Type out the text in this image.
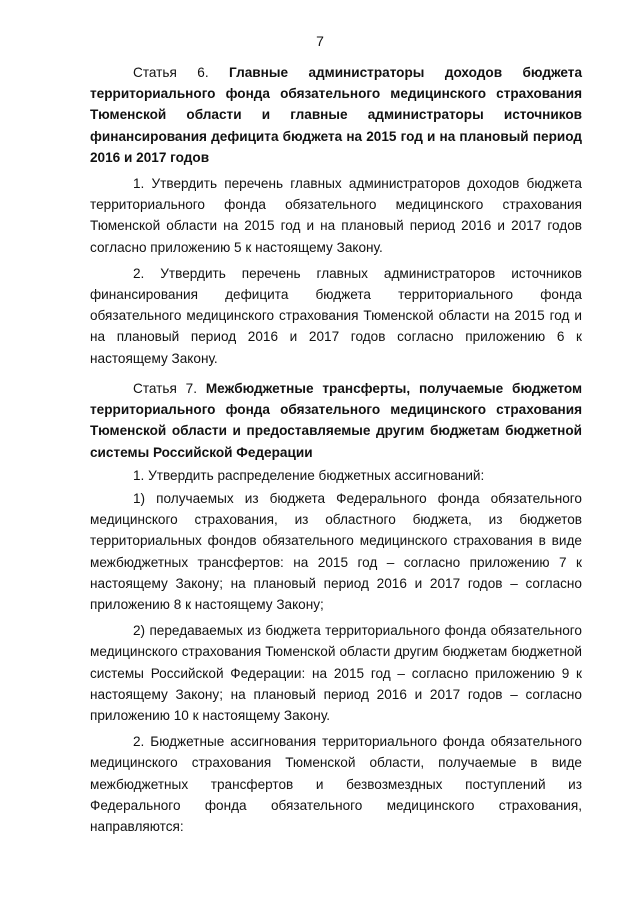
7
Статья 6. Главные администраторы доходов бюджета территориального фонда обязательного медицинского страхования Тюменской области и главные администраторы источников финансирования дефицита бюджета на 2015 год и на плановый период 2016 и 2017 годов

1. Утвердить перечень главных администраторов доходов бюджета территориального фонда обязательного медицинского страхования Тюменской области на 2015 год и на плановый период 2016 и 2017 годов согласно приложению 5 к настоящему Закону.

2. Утвердить перечень главных администраторов источников финансирования дефицита бюджета территориального фонда обязательного медицинского страхования Тюменской области на 2015 год и на плановый период 2016 и 2017 годов согласно приложению 6 к настоящему Закону.

Статья 7. Межбюджетные трансферты, получаемые бюджетом территориального фонда обязательного медицинского страхования Тюменской области и предоставляемые другим бюджетам бюджетной системы Российской Федерации

1. Утвердить распределение бюджетных ассигнований:

1) получаемых из бюджета Федерального фонда обязательного медицинского страхования, из областного бюджета, из бюджетов территориальных фондов обязательного медицинского страхования в виде межбюджетных трансфертов: на 2015 год – согласно приложению 7 к настоящему Закону; на плановый период 2016 и 2017 годов – согласно приложению 8 к настоящему Закону;

2) передаваемых из бюджета территориального фонда обязательного медицинского страхования Тюменской области другим бюджетам бюджетной системы Российской Федерации: на 2015 год – согласно приложению 9 к настоящему Закону; на плановый период 2016 и 2017 годов – согласно приложению 10 к настоящему Закону.

2. Бюджетные ассигнования территориального фонда обязательного медицинского страхования Тюменской области, получаемые в виде межбюджетных трансфертов и безвозмездных поступлений из Федерального фонда обязательного медицинского страхования, направляются:
